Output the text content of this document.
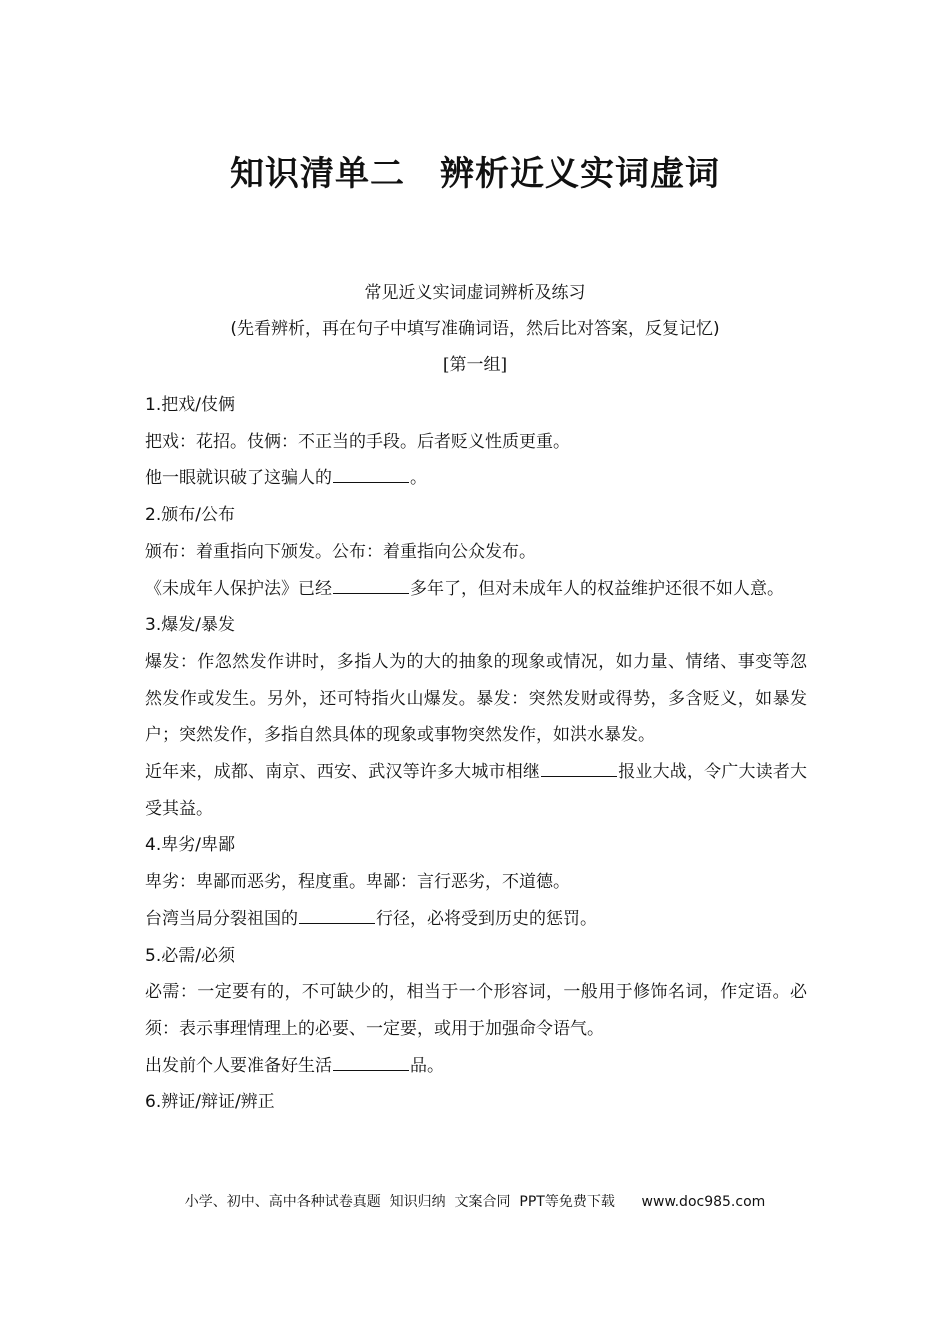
知识清单二　辨析近义实词虚词
常见近义实词虚词辨析及练习
(先看辨析，再在句子中填写准确词语，然后比对答案，反复记忆)
[第一组]
1.把戏/伎俩
把戏：花招。伎俩：不正当的手段。后者贬义性质更重。
他一眼就识破了这骗人的	。
2.颁布/公布
颁布：着重指向下颁发。公布：着重指向公众发布。
《未成年人保护法》已经	多年了，但对未成年人的权益维护还很不如人意。
3.爆发/暴发
爆发：作忽然发作讲时，多指人为的大的抽象的现象或情况，如力量、情绪、事变等忽然发作或发生。另外，还可特指火山爆发。暴发：突然发财或得势，多含贬义，如暴发户；突然发作，多指自然具体的现象或事物突然发作，如洪水暴发。
近年来，成都、南京、西安、武汉等许多大城市相继	报业大战，令广大读者大受其益。
4.卑劣/卑鄙
卑劣：卑鄙而恶劣，程度重。卑鄙：言行恶劣，不道德。
台湾当局分裂祖国的	行径，必将受到历史的惩罚。
5.必需/必须
必需：一定要有的，不可缺少的，相当于一个形容词，一般用于修饰名词，作定语。必须：表示事理情理上的必要、一定要，或用于加强命令语气。
出发前个人要准备好生活	品。
6.辨证/辩证/辨正
小学、初中、高中各种试卷真题  知识归纳  文案合同  PPT等免费下载      www.doc985.com
